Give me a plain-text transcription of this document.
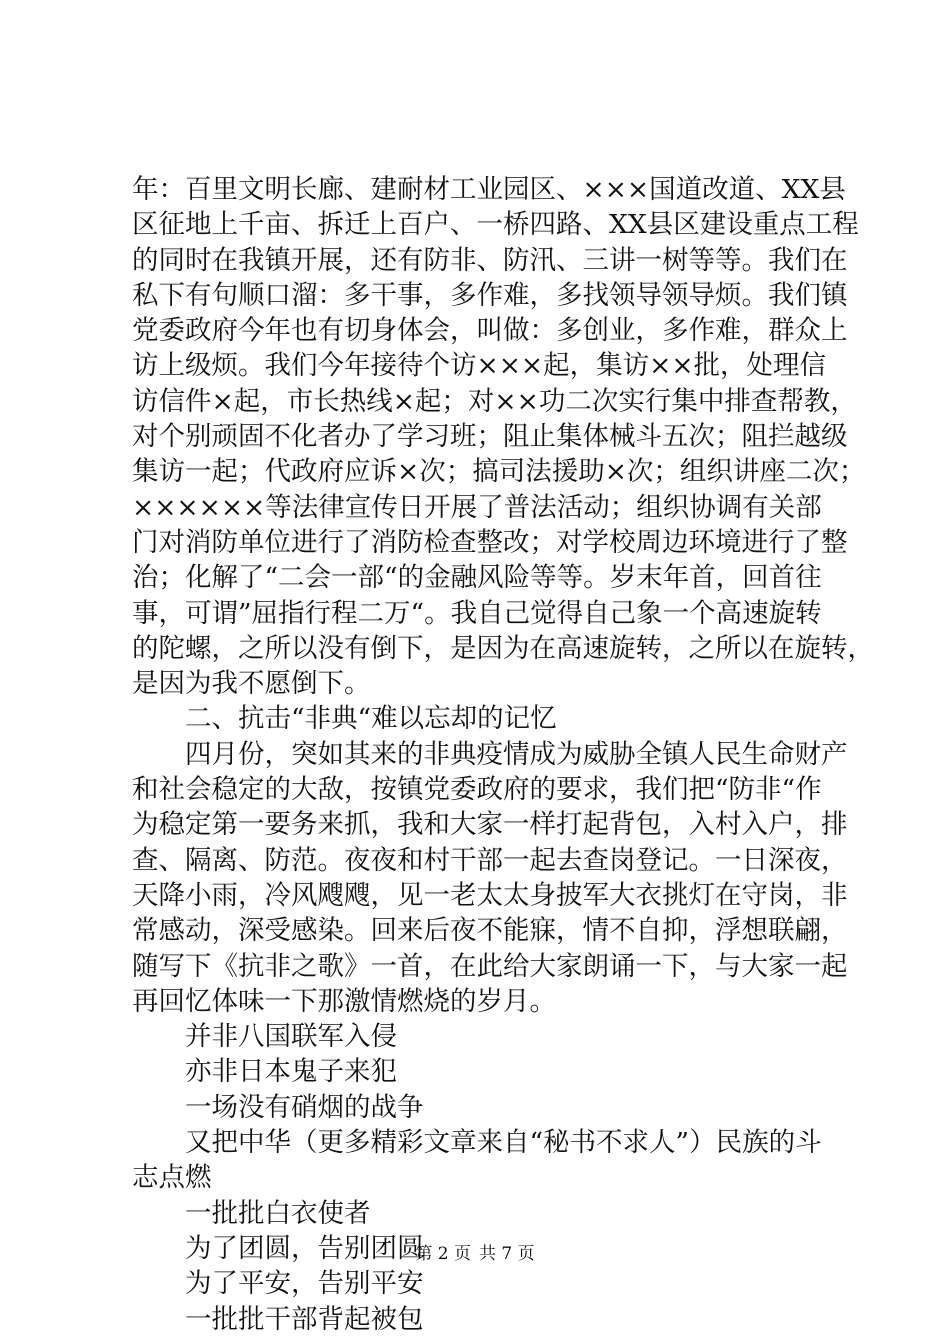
年：百里文明长廊、建耐材工业园区、×××国道改道、XX县
区征地上千亩、拆迁上百户、一桥四路、XX县区建设重点工程
的同时在我镇开展，还有防非、防汛、三讲一树等等。我们在
私下有句顺口溜：多干事，多作难，多找领导领导烦。我们镇
党委政府今年也有切身体会，叫做：多创业，多作难，群众上
访上级烦。我们今年接待个访×××起，集访××批，处理信
访信件×起，市长热线×起；对××功二次实行集中排查帮教，
对个别顽固不化者办了学习班；阻止集体械斗五次；阻拦越级
集访一起；代政府应诉×次；搞司法援助×次；组织讲座二次；
××××××等法律宣传日开展了普法活动；组织协调有关部
门对消防单位进行了消防检查整改；对学校周边环境进行了整
治；化解了“二会一部“的金融风险等等。岁末年首，回首往
事，可谓”屈指行程二万“。我自己觉得自己象一个高速旋转
的陀螺，之所以没有倒下，是因为在高速旋转，之所以在旋转，
是因为我不愿倒下。
二、抗击“非典“难以忘却的记忆
四月份，突如其来的非典疫情成为威胁全镇人民生命财产
和社会稳定的大敌，按镇党委政府的要求，我们把“防非“作
为稳定第一要务来抓，我和大家一样打起背包，入村入户，排
查、隔离、防范。夜夜和村干部一起去查岗登记。一日深夜，
天降小雨，冷风飕飕，见一老太太身披军大衣挑灯在守岗，非
常感动，深受感染。回来后夜不能寐，情不自抑，浮想联翩，
随写下《抗非之歌》一首，在此给大家朗诵一下，与大家一起
再回忆体味一下那激情燃烧的岁月。
并非八国联军入侵
亦非日本鬼子来犯
一场没有硝烟的战争
又把中华（更多精彩文章来自“秘书不求人”）民族的斗
志点燃
一批批白衣使者
为了团圆，告别团圆
为了平安，告别平安
一批批干部背起被包
第 2 页 共 7 页
